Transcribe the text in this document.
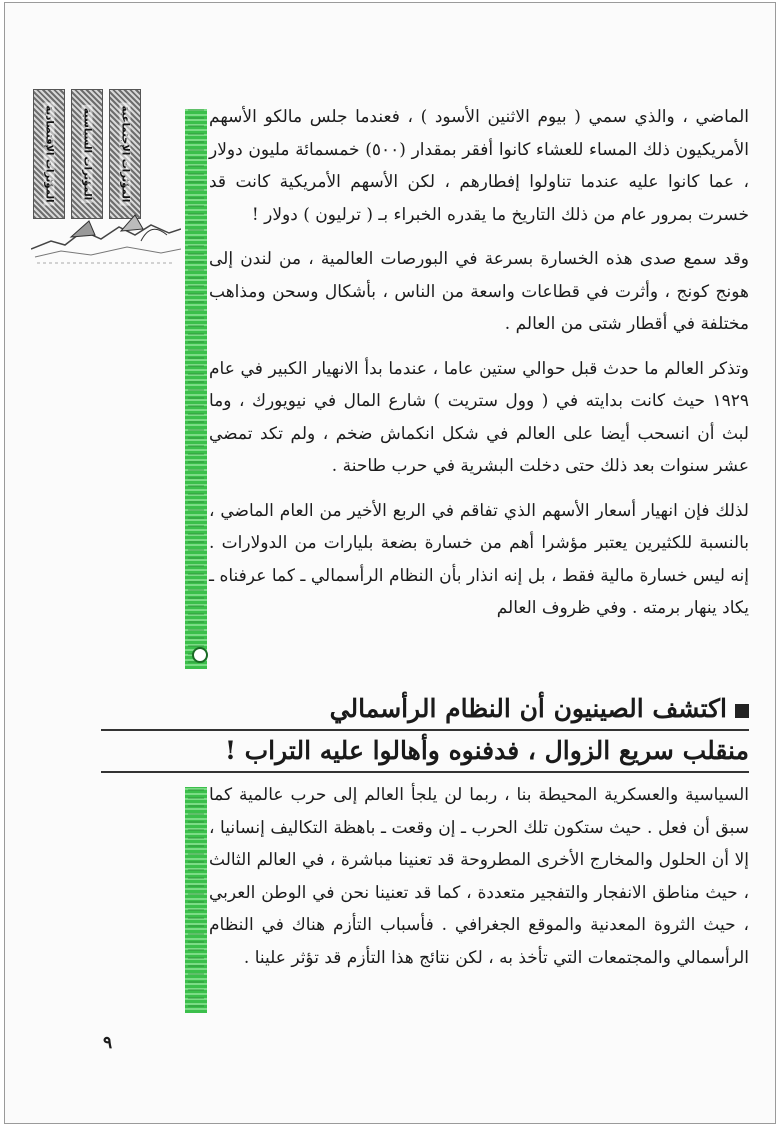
المؤثرات الإقتصادية	المؤثرات السياسية	المؤثرات الإجتماعية	الماضي ، والذي سمي ( بيوم الاثنين الأسود ) ، فعندما جلس مالكو الأسهم الأمريكيون ذلك المساء للعشاء كانوا أفقر بمقدار (٥٠٠) خمسمائة مليون دولار ، عما كانوا عليه عندما تناولوا إفطارهم ، لكن الأسهم الأمريكية كانت قد خسرت بمرور عام من ذلك التاريخ ما يقدره الخبراء بـ ( ترليون ) دولار !

وقد سمع صدى هذه الخسارة بسرعة في البورصات العالمية ، من لندن إلى هونج كونج ، وأثرت في قطاعات واسعة من الناس ، بأشكال وسحن ومذاهب مختلفة في أقطار شتى من العالم .

وتذكر العالم ما حدث قبل حوالي ستين عاما ، عندما بدأ الانهيار الكبير في عام ١٩٢٩ حيث كانت بدايته في ( وول ستريت ) شارع المال في نيويورك ، وما لبث أن انسحب أيضا على العالم في شكل انكماش ضخم ، ولم تكد تمضي عشر سنوات بعد ذلك حتى دخلت البشرية في حرب طاحنة .

لذلك فإن انهيار أسعار الأسهم الذي تفاقم في الربع الأخير من العام الماضي ، بالنسبة للكثيرين يعتبر مؤشرا أهم من خسارة بضعة بليارات من الدولارات . إنه ليس خسارة مالية فقط ، بل إنه انذار بأن النظام الرأسمالي ـ كما عرفناه ـ يكاد ينهار برمته . وفي ظروف العالم

اكتشف الصينيون أن النظام الرأسمالي
منقلب سريع الزوال ، فدفنوه وأهالوا عليه التراب !

السياسية والعسكرية المحيطة بنا ، ربما لن يلجأ العالم إلى حرب عالمية كما سبق أن فعل . حيث ستكون تلك الحرب ـ إن وقعت ـ باهظة التكاليف إنسانيا ، إلا أن الحلول والمخارج الأخرى المطروحة قد تعنينا مباشرة ، في العالم الثالث ، حيث مناطق الانفجار والتفجير متعددة ، كما قد تعنينا نحن في الوطن العربي ، حيث الثروة المعدنية والموقع الجغرافي . فأسباب التأزم هناك في النظام الرأسمالي والمجتمعات التي تأخذ به ، لكن نتائج هذا التأزم قد تؤثر علينا .

٩
